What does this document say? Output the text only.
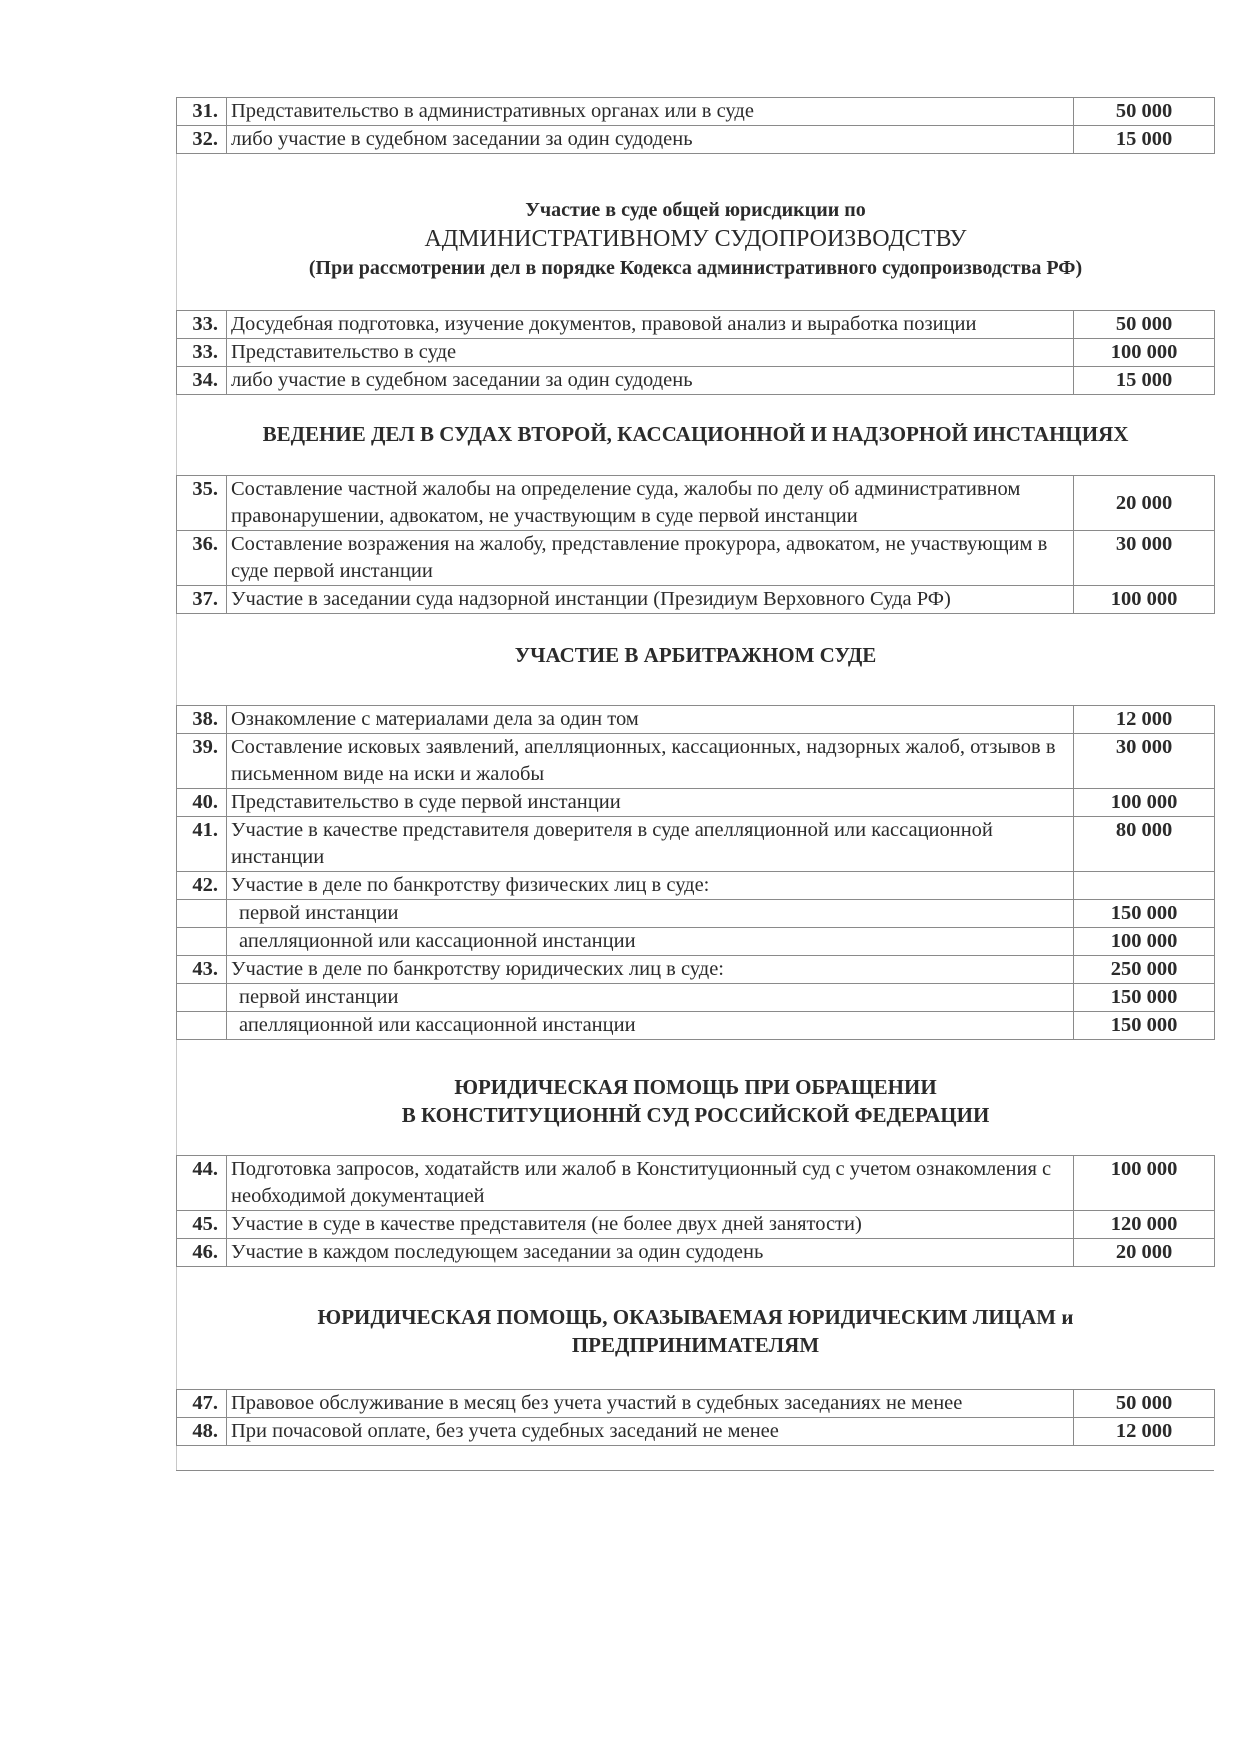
31.	Представительство в административных органах или в суде	50 000
32.	либо участие в судебном заседании за один судодень	15 000
Участие в суде общей юрисдикции по
АДМИНИСТРАТИВНОМУ СУДОПРОИЗВОДСТВУ
(При рассмотрении дел в порядке Кодекса административного судопроизводства РФ)
33.	Досудебная подготовка, изучение документов, правовой анализ и выработка позиции	50 000
33.	Представительство в суде	100 000
34.	либо участие в судебном заседании за один судодень	15 000
ВЕДЕНИЕ ДЕЛ В СУДАХ ВТОРОЙ, КАССАЦИОННОЙ И НАДЗОРНОЙ ИНСТАНЦИЯХ
35.	Составление частной жалобы на определение суда, жалобы по делу об административном правонарушении, адвокатом, не участвующим в суде первой инстанции	20 000
36.	Составление возражения на жалобу, представление прокурора, адвокатом, не участвующим в суде первой инстанции	30 000
37.	Участие в заседании суда надзорной инстанции (Президиум Верховного Суда РФ)	100 000
УЧАСТИЕ В АРБИТРАЖНОМ СУДЕ
38.	Ознакомление с материалами дела за один том	12 000
39.	Составление исковых заявлений, апелляционных, кассационных, надзорных жалоб, отзывов в письменном виде на иски и жалобы	30 000
40.	Представительство в суде первой инстанции	100 000
41.	Участие в качестве представителя доверителя в суде апелляционной или кассационной инстанции	80 000
42.	Участие в деле по банкротству физических лиц в суде:	
	первой инстанции	150 000
	апелляционной или кассационной инстанции	100 000
43.	Участие в деле по банкротству юридических лиц в суде:	250 000
	первой инстанции	150 000
	апелляционной или кассационной инстанции	150 000
ЮРИДИЧЕСКАЯ ПОМОЩЬ ПРИ ОБРАЩЕНИИ
В КОНСТИТУЦИОННЙ СУД РОССИЙСКОЙ ФЕДЕРАЦИИ
44.	Подготовка запросов, ходатайств или жалоб в Конституционный суд с учетом ознакомления с необходимой документацией	100 000
45.	Участие в суде в качестве представителя (не более двух дней занятости)	120 000
46.	Участие в каждом последующем заседании за один судодень	20 000
ЮРИДИЧЕСКАЯ ПОМОЩЬ, ОКАЗЫВАЕМАЯ ЮРИДИЧЕСКИМ ЛИЦАМ и
ПРЕДПРИНИМАТЕЛЯМ
47.	Правовое обслуживание в месяц без учета участий в судебных заседаниях не менее	50 000
48.	При почасовой оплате, без учета судебных заседаний не менее	12 000
